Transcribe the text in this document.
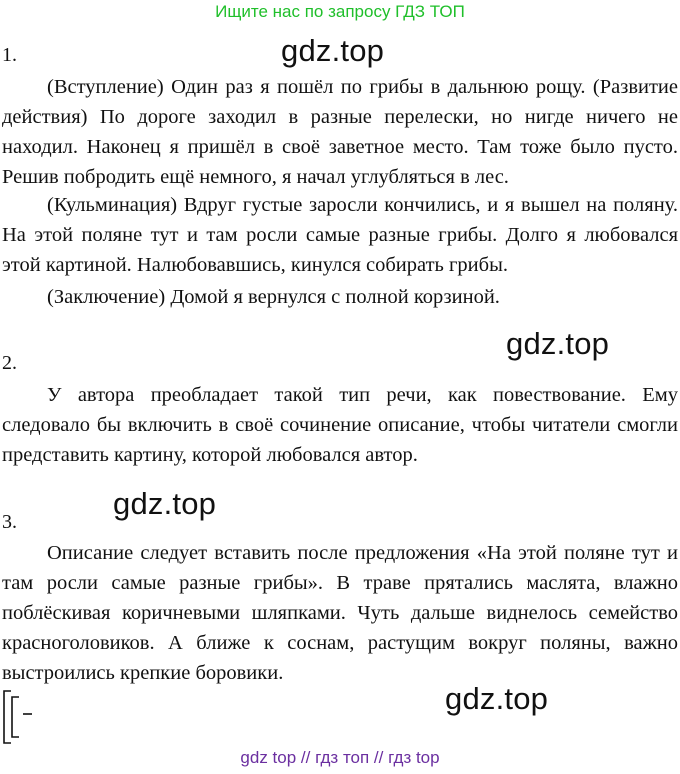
Ищите нас по запросу ГДЗ ТОП
1.	gdz.top

(Вступление) Один раз я пошёл по грибы в дальнюю рощу. (Развитие действия) По дороге заходил в разные перелески, но нигде ничего не находил. Наконец я пришёл в своё заветное место. Там тоже было пусто. Решив побродить ещё немного, я начал углубляться в лес.

(Кульминация) Вдруг густые заросли кончились, и я вышел на поляну. На этой поляне тут и там росли самые разные грибы. Долго я любовался этой картиной. Налюбовавшись, кинулся собирать грибы.

(Заключение) Домой я вернулся с полной корзиной.

gdz.top
2.

У автора преобладает такой тип речи, как повествование. Ему следовало бы включить в своё сочинение описание, чтобы читатели смогли представить картину, которой любовался автор.

gdz.top
3.

Описание следует вставить после предложения «На этой поляне тут и там росли самые разные грибы». В траве прятались маслята, влажно поблёскивая коричневыми шляпками. Чуть дальше виднелось семейство красноголовиков. А ближе к соснам, растущим вокруг поляны, важно выстроились крепкие боровики.

gdz.top
gdz top // гдз топ // гдз top
